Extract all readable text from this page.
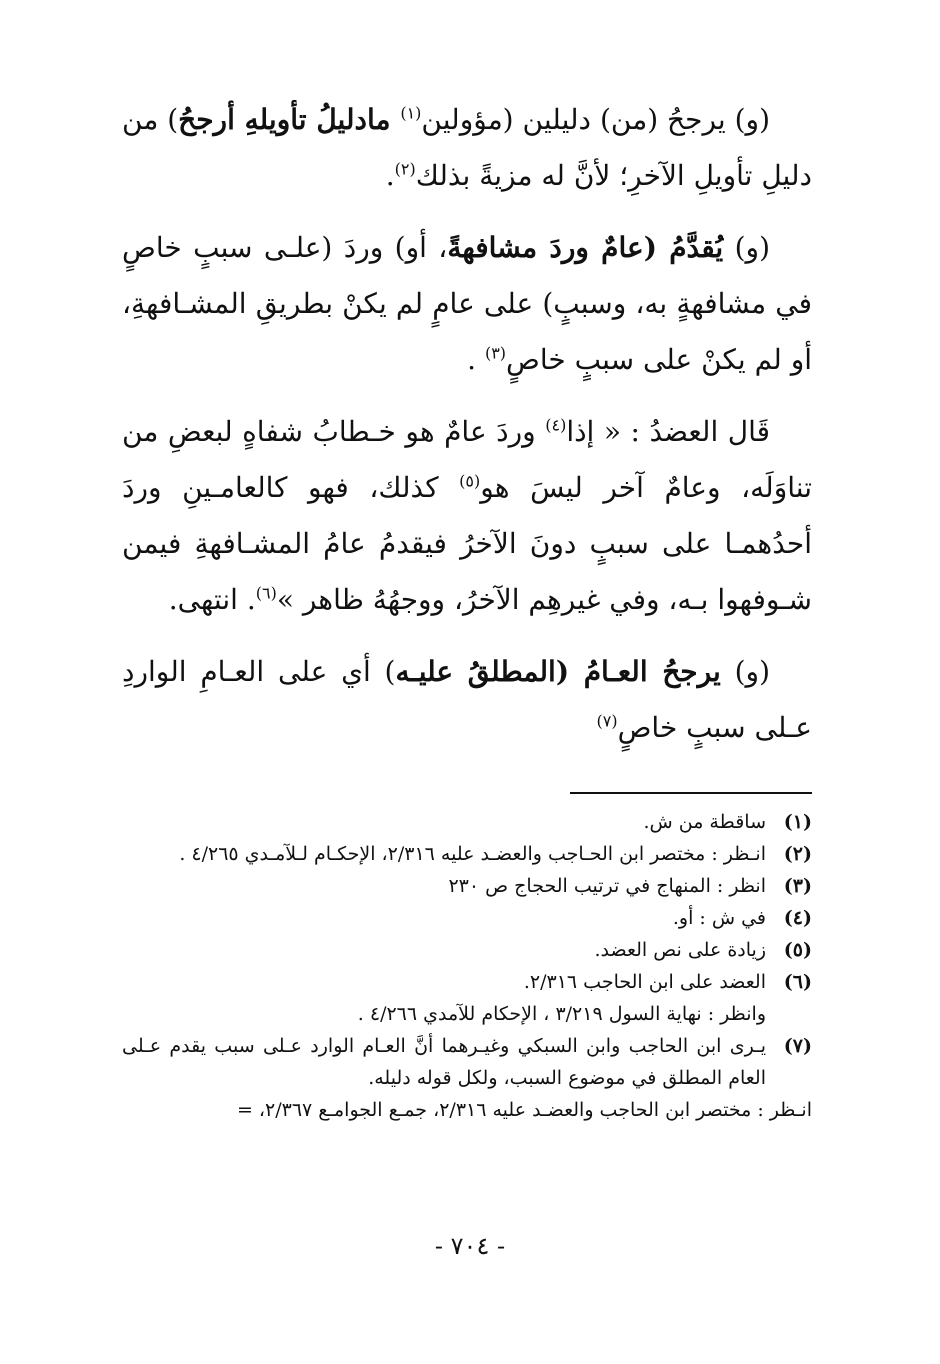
(و) يرجحُ (من) دليلين (مؤولين$^{(١)}$ مادليلُ تأويلهِ أرجحُ) من دليلِ تأويلِ الآخرِ؛ لأنَّ له مزيةً بذلك$^{(٢)}$.

(و) يُقدَّمُ (عامٌ وردَ مشافهةً، أو) وردَ (علـى سببٍ خاصٍ في مشافهةٍ به، وسببٍ) على عامٍ لم يكنْ بطريقِ المشـافهةِ، أو لم يكنْ على سببٍ خاصٍ$^{(٣)}$ .

قَال العضدُ : « إذا$^{(٤)}$ وردَ عامٌ هو خـطابُ شفاهٍ لبعضِ من تناوَلَه، وعامٌ آخر ليسَ هو$^{(٥)}$ كذلك، فهو كالعامـينِ وردَ أحدُهمـا على سببٍ دونَ الآخرُ فيقدمُ عامُ المشـافهةِ فيمن شـوفهوا بـه، وفي غيرهِم الآخرُ، ووجهُهُ ظاهر »$^{(٦)}$. انتهى.

(و) يرجحُ العـامُ (المطلقُ عليـه) أي على العـامِ الواردِ عـلى سببٍ خاصٍ$^{(٧)}$

(١)
ساقطة من ش.
(٢)
انـظر : مختصر ابن الحـاجب والعضـد عليه ٢/٣١٦، الإحكـام لـلآمـدي ٤/٢٦٥ .
(٣)
انظر : المنهاج في ترتيب الحجاج ص ٢٣٠
(٤)
في ش : أو.
(٥)
زيادة على نص العضد.
(٦)
العضد على ابن الحاجب ٢/٣١٦.
وانظر : نهاية السول ٣/٢١٩ ، الإحكام للآمدي ٤/٢٦٦ .
(٧)
يـرى ابن الحاجب وابن السبكي وغيـرهما أنَّ العـام الوارد عـلى سبب يقدم عـلى العام المطلق في موضوع السبب، ولكل قوله دليله.
انـظر : مختصر ابن الحاجب والعضـد عليه ٢/٣١٦، جمـع الجوامـع ٢/٣٦٧، =
- ٧٠٤ -
